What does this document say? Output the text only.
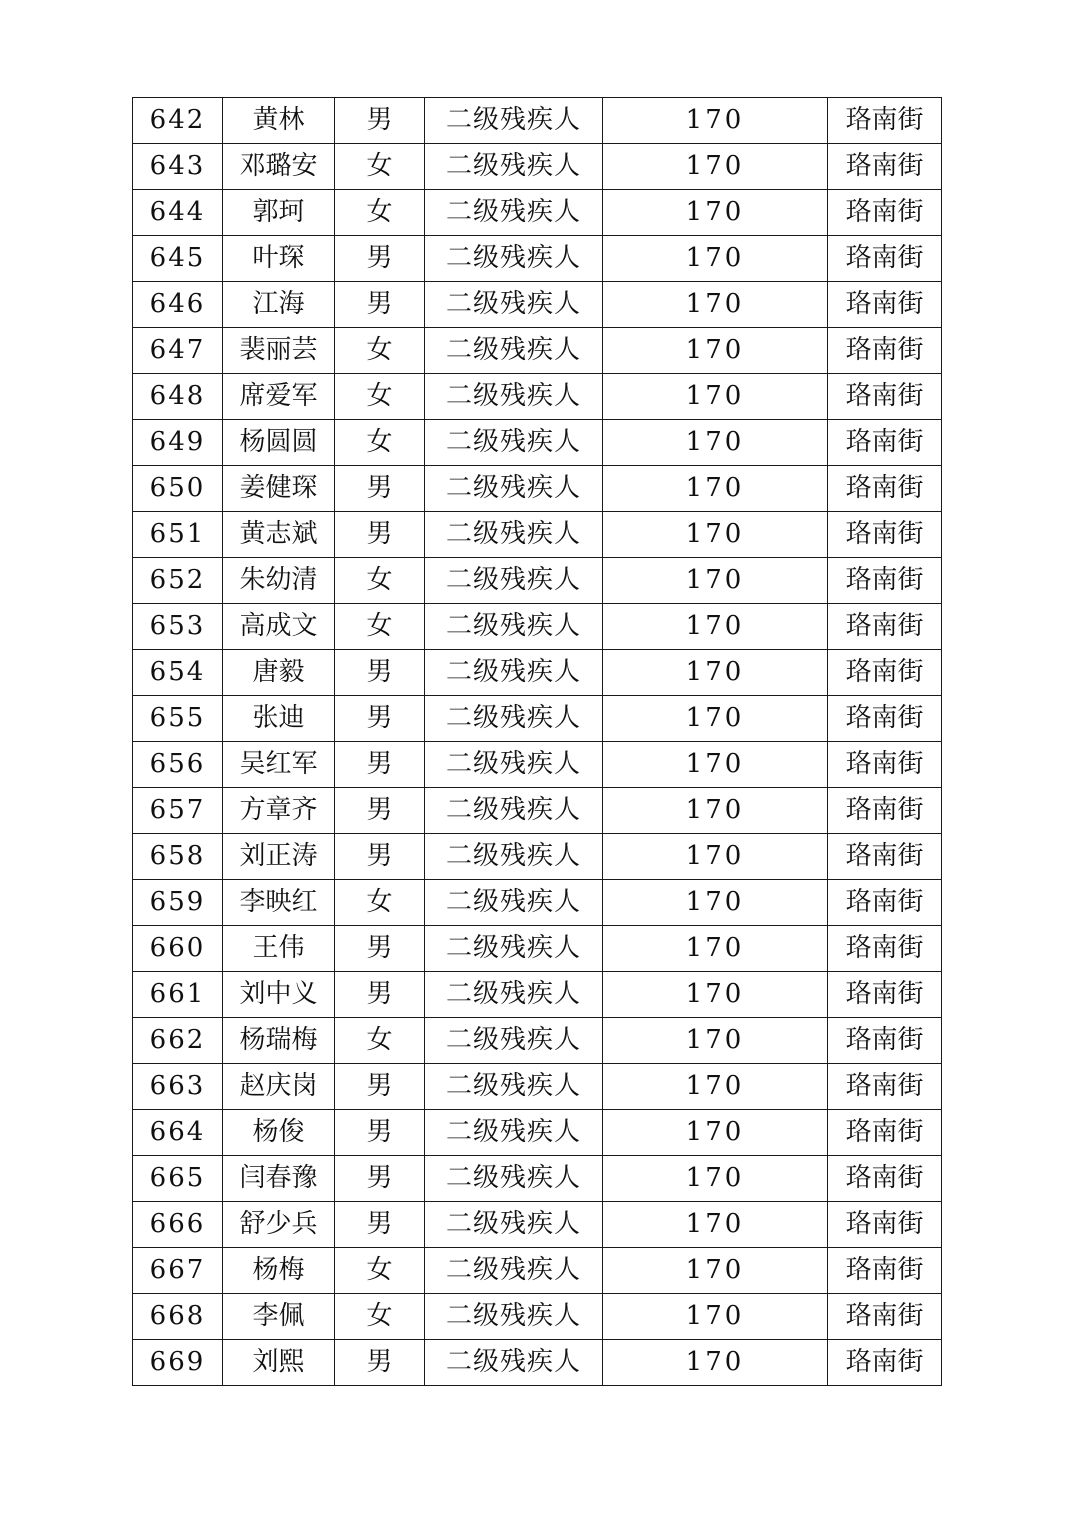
642	黄林	男	二级残疾人	170	珞南街
643	邓璐安	女	二级残疾人	170	珞南街
644	郭珂	女	二级残疾人	170	珞南街
645	叶琛	男	二级残疾人	170	珞南街
646	江海	男	二级残疾人	170	珞南街
647	裴丽芸	女	二级残疾人	170	珞南街
648	席爱军	女	二级残疾人	170	珞南街
649	杨圆圆	女	二级残疾人	170	珞南街
650	姜健琛	男	二级残疾人	170	珞南街
651	黄志斌	男	二级残疾人	170	珞南街
652	朱幼清	女	二级残疾人	170	珞南街
653	高成文	女	二级残疾人	170	珞南街
654	唐毅	男	二级残疾人	170	珞南街
655	张迪	男	二级残疾人	170	珞南街
656	吴红军	男	二级残疾人	170	珞南街
657	方章齐	男	二级残疾人	170	珞南街
658	刘正涛	男	二级残疾人	170	珞南街
659	李映红	女	二级残疾人	170	珞南街
660	王伟	男	二级残疾人	170	珞南街
661	刘中义	男	二级残疾人	170	珞南街
662	杨瑞梅	女	二级残疾人	170	珞南街
663	赵庆岗	男	二级残疾人	170	珞南街
664	杨俊	男	二级残疾人	170	珞南街
665	闫春豫	男	二级残疾人	170	珞南街
666	舒少兵	男	二级残疾人	170	珞南街
667	杨梅	女	二级残疾人	170	珞南街
668	李佩	女	二级残疾人	170	珞南街
669	刘熙	男	二级残疾人	170	珞南街
